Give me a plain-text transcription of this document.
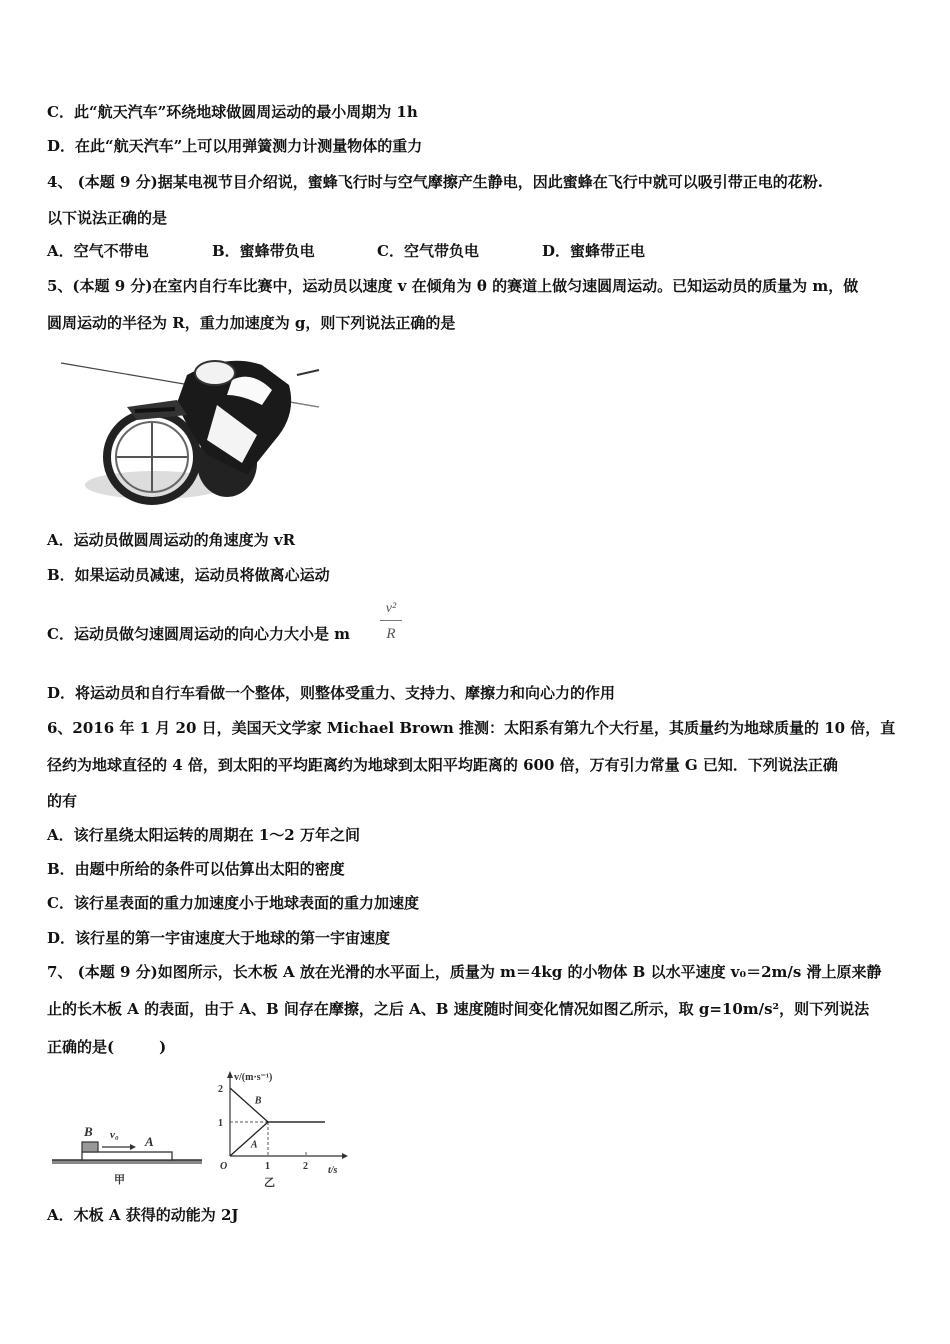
C．此“航天汽车”环绕地球做圆周运动的最小周期为 1h
D．在此“航天汽车”上可以用弹簧测力计测量物体的重力
4、 (本题 9 分)据某电视节目介绍说，蜜蜂飞行时与空气摩擦产生静电，因此蜜蜂在飞行中就可以吸引带正电的花粉.
以下说法正确的是
A．空气不带电	B．蜜蜂带负电	C．空气带负电	D．蜜蜂带正电
5、(本题 9 分)在室内自行车比赛中，运动员以速度 v 在倾角为 θ 的赛道上做匀速圆周运动。已知运动员的质量为 m，做
圆周运动的半径为 R，重力加速度为 g，则下列说法正确的是
A．运动员做圆周运动的角速度为 vR
B．如果运动员减速，运动员将做离心运动
C．运动员做匀速圆周运动的向心力大小是 m
v²
R
D．将运动员和自行车看做一个整体，则整体受重力、支持力、摩擦力和向心力的作用
6、2016 年 1 月 20 日，美国天文学家 Michael Brown 推测：太阳系有第九个大行星，其质量约为地球质量的 10 倍，直
径约为地球直径的 4 倍，到太阳的平均距离约为地球到太阳平均距离的 600 倍，万有引力常量 G 已知．下列说法正确
的有
A．该行星绕太阳运转的周期在 1～2 万年之间
B．由题中所给的条件可以估算出太阳的密度
C．该行星表面的重力加速度小于地球表面的重力加速度
D．该行星的第一宇宙速度大于地球的第一宇宙速度
7、 (本题 9 分)如图所示，长木板 A 放在光滑的水平面上，质量为 m＝4kg 的小物体 B 以水平速度 v₀＝2m/s 滑上原来静
止的长木板 A 的表面，由于 A、B 间存在摩擦，之后 A、B 速度随时间变化情况如图乙所示，取 g=10m/s²，则下列说法
正确的是(　　　)
B v₀ A
甲
v/(m·s⁻¹)
t/s
2
1
1	2
O
乙
B
A
A．木板 A 获得的动能为 2J
